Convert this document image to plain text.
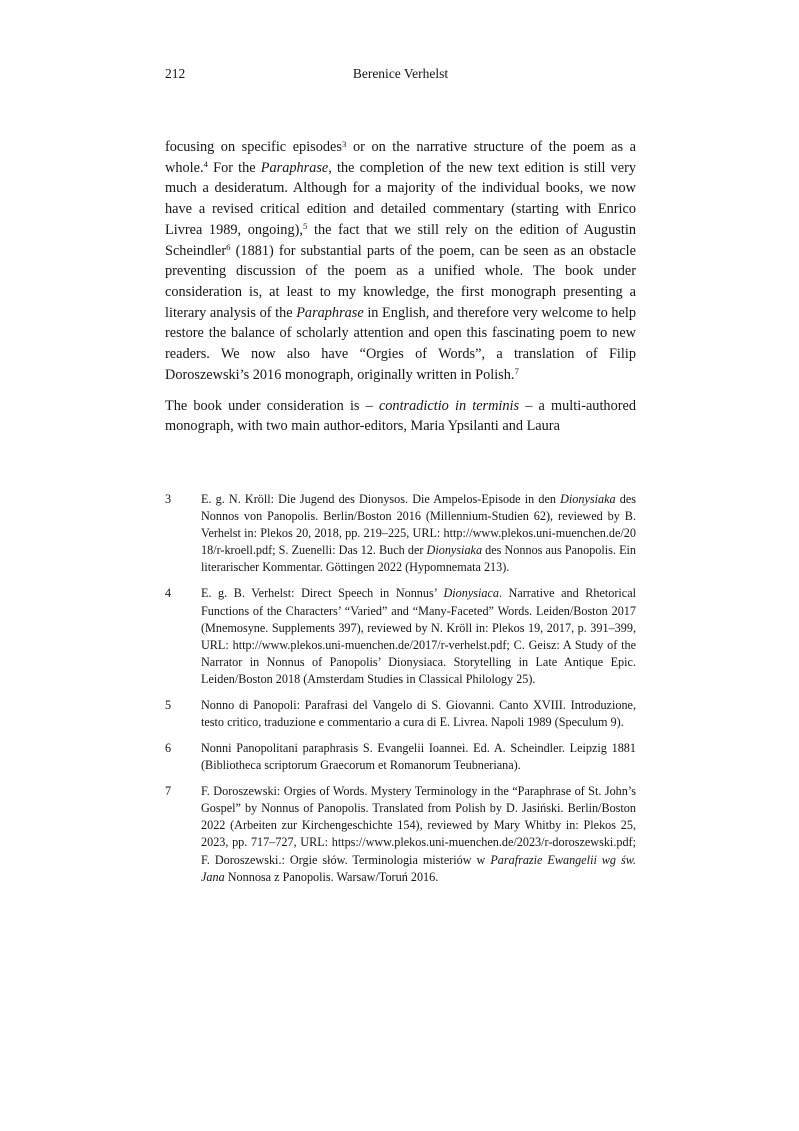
212	Berenice Verhelst

focusing on specific episodes$^3$ or on the narrative structure of the poem as a whole.$^4$ For the Paraphrase, the completion of the new text edition is still very much a desideratum. Although for a majority of the individual books, we now have a revised critical edition and detailed commentary (starting with Enrico Livrea 1989, ongoing),$^5$ the fact that we still rely on the edition of Augustin Scheindler$^6$ (1881) for substantial parts of the poem, can be seen as an obstacle preventing discussion of the poem as a unified whole. The book under consideration is, at least to my knowledge, the first monograph presenting a literary analysis of the Paraphrase in English, and therefore very welcome to help restore the balance of scholarly attention and open this fascinating poem to new readers. We now also have “Orgies of Words”, a translation of Filip Doroszewski’s 2016 monograph, originally written in Polish.$^7$

The book under consideration is – contradictio in terminis – a multi-authored monograph, with two main author-editors, Maria Ypsilanti and Laura

3	E. g. N. Kröll: Die Jugend des Dionysos. Die Ampelos-Episode in den Dionysiaka des Nonnos von Panopolis. Berlin/Boston 2016 (Millennium-Studien 62), reviewed by B. Verhelst in: Plekos 20, 2018, pp. 219–225, URL: http://www.plekos.uni-muenchen.de/2018/r-kroell.pdf; S. Zuenelli: Das 12. Buch der Dionysiaka des Nonnos aus Panopolis. Ein literarischer Kommentar. Göttingen 2022 (Hypomnemata 213).
4	E. g. B. Verhelst: Direct Speech in Nonnus’ Dionysiaca. Narrative and Rhetorical Functions of the Characters’ “Varied” and “Many-Faceted” Words. Leiden/Boston 2017 (Mnemosyne. Supplements 397), reviewed by N. Kröll in: Plekos 19, 2017, p. 391–399, URL: http://www.plekos.uni-muenchen.de/2017/r-verhelst.pdf; C. Geisz: A Study of the Narrator in Nonnus of Panopolis’ Dionysiaca. Storytelling in Late Antique Epic. Leiden/Boston 2018 (Amsterdam Studies in Classical Philology 25).
5	Nonno di Panopoli: Parafrasi del Vangelo di S. Giovanni. Canto XVIII. Introduzione, testo critico, traduzione e commentario a cura di E. Livrea. Napoli 1989 (Speculum 9).
6	Nonni Panopolitani paraphrasis S. Evangelii Ioannei. Ed. A. Scheindler. Leipzig 1881 (Bibliotheca scriptorum Graecorum et Romanorum Teubneriana).
7	F. Doroszewski: Orgies of Words. Mystery Terminology in the “Paraphrase of St. John’s Gospel” by Nonnus of Panopolis. Translated from Polish by D. Jasiński. Berlin/Boston 2022 (Arbeiten zur Kirchengeschichte 154), reviewed by Mary Whitby in: Plekos 25, 2023, pp. 717–727, URL: https://www.plekos.uni-muenchen.de/2023/r-doroszewski.pdf; F. Doroszewski.: Orgie słów. Terminologia misteriów w Parafrazie Ewangelii wg św. Jana Nonnosa z Panopolis. Warsaw/Toruń 2016.
